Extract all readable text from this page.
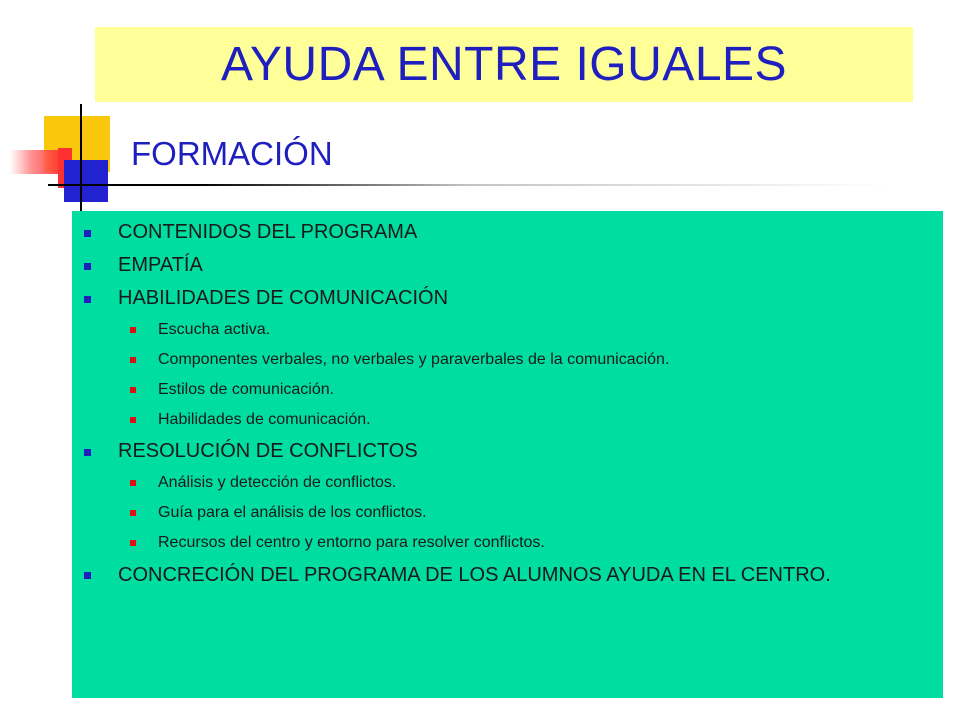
AYUDA ENTRE IGUALES
FORMACIÓN
CONTENIDOS DEL PROGRAMA
EMPATÍA
HABILIDADES DE COMUNICACIÓN
Escucha activa.
Componentes verbales, no verbales y paraverbales de la comunicación.
Estilos de comunicación.
Habilidades de comunicación.
RESOLUCIÓN DE CONFLICTOS
Análisis y detección de conflictos.
Guía para el análisis de los conflictos.
Recursos del centro y entorno para resolver conflictos.
CONCRECIÓN DEL PROGRAMA DE LOS ALUMNOS AYUDA EN EL CENTRO.
